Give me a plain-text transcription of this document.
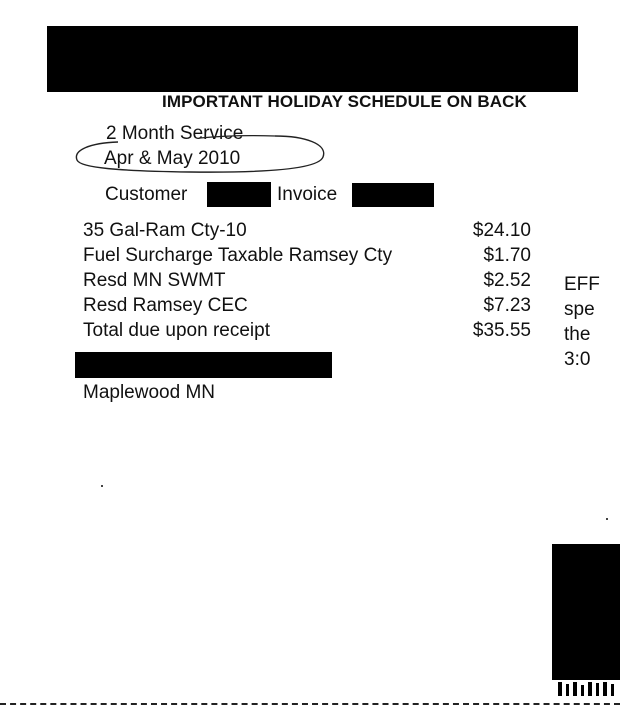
IMPORTANT HOLIDAY SCHEDULE ON BACK
2 Month Service
Apr & May 2010
Customer	Invoice
35 Gal-Ram Cty-10	$24.10
Fuel Surcharge Taxable Ramsey Cty	$1.70
Resd MN SWMT	$2.52
Resd Ramsey CEC	$7.23
Total due upon receipt	$35.55
EFF
spe
the
3:0
Maplewood MN
